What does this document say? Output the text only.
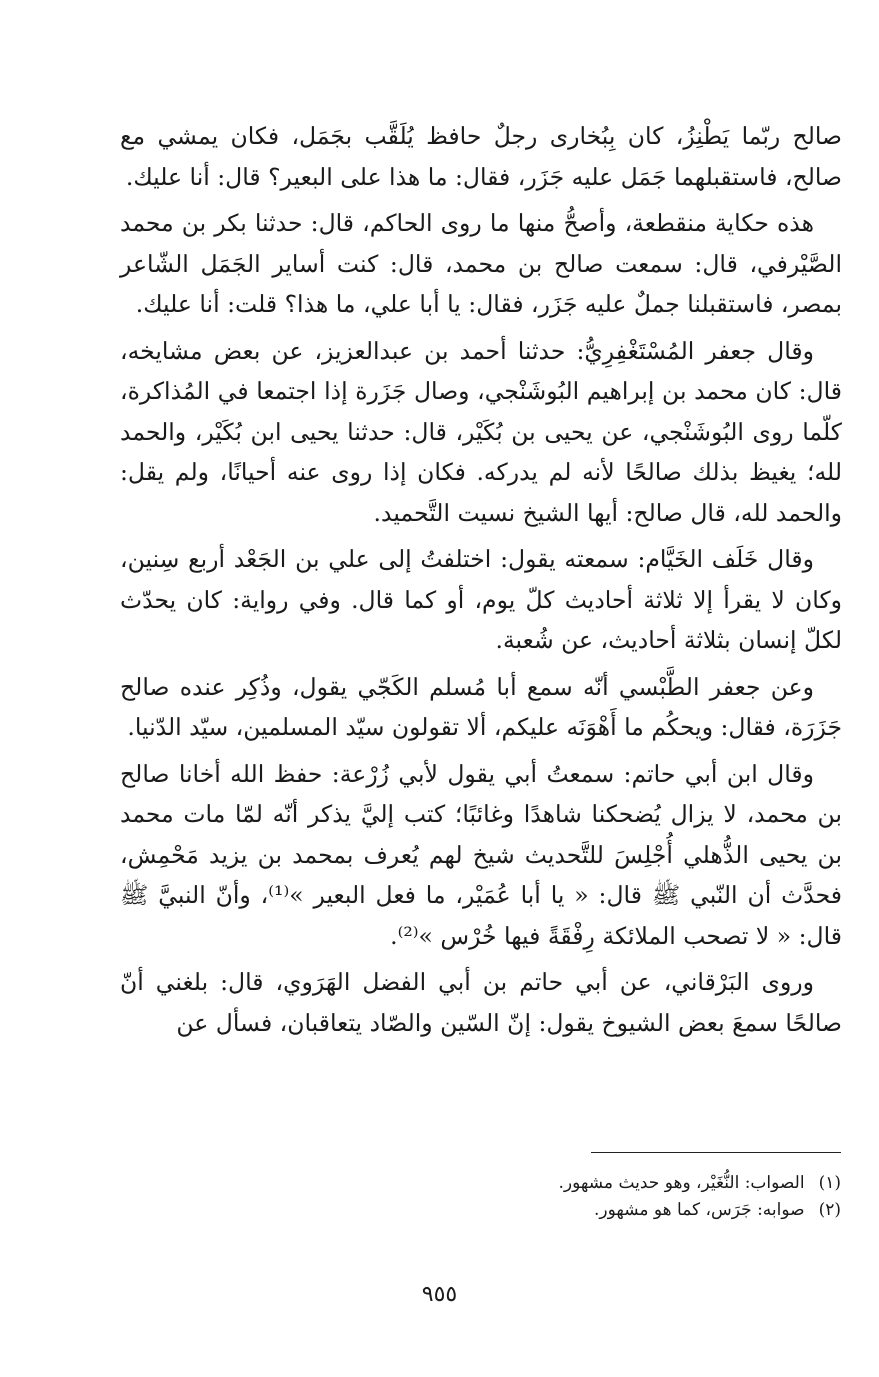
صالح ربّما يَطْنِزُ، كان بِبُخارى رجلٌ حافظ يُلَقَّب بجَمَل، فكان يمشي مع صالح، فاستقبلهما جَمَل عليه جَزَر، فقال: ما هذا على البعير؟ قال: أنا عليك.

هذه حكاية منقطعة، وأصحُّ منها ما روى الحاكم، قال: حدثنا بكر بن محمد الصَّيْرفي، قال: سمعت صالح بن محمد، قال: كنت أساير الجَمَل الشّاعر بمصر، فاستقبلنا جملٌ عليه جَزَر، فقال: يا أبا علي، ما هذا؟ قلت: أنا عليك.

وقال جعفر المُسْتَغْفِرِيُّ: حدثنا أحمد بن عبدالعزيز، عن بعض مشايخه، قال: كان محمد بن إبراهيم البُوشَنْجي، وصال جَزَرة إذا اجتمعا في المُذاكرة، كلّما روى البُوشَنْجي، عن يحيى بن بُكَيْر، قال: حدثنا يحيى ابن بُكَيْر، والحمد لله؛ يغيظ بذلك صالحًا لأنه لم يدركه. فكان إذا روى عنه أحيانًا، ولم يقل: والحمد لله، قال صالح: أيها الشيخ نسيت التَّحميد.

وقال خَلَف الخَيَّام: سمعته يقول: اختلفتُ إلى علي بن الجَعْد أربع سِنين، وكان لا يقرأ إلا ثلاثة أحاديث كلّ يوم، أو كما قال. وفي رواية: كان يحدّث لكلّ إنسان بثلاثة أحاديث، عن شُعبة.

وعن جعفر الطَّبْسي أنّه سمع أبا مُسلم الكَجّي يقول، وذُكِر عنده صالح جَزَرَة، فقال: ويحكُم ما أَهْوَنَه عليكم، ألا تقولون سيّد المسلمين، سيّد الدّنيا.

وقال ابن أبي حاتم: سمعتُ أبي يقول لأبي زُرْعة: حفظ الله أخانا صالح بن محمد، لا يزال يُضحكنا شاهدًا وغائبًا؛ كتب إليَّ يذكر أنّه لمّا مات محمد بن يحيى الذُّهلي أُجْلِسَ للتَّحديث شيخ لهم يُعرف بمحمد بن يزيد مَحْمِش، فحدَّث أن النّبي ﷺ قال: « يا أبا عُمَيْر، ما فعل البعير »⁽¹⁾، وأنّ النبيَّ ﷺ قال: « لا تصحب الملائكة رِفْقَةً فيها خُرْس »⁽²⁾.

وروى البَرْقاني، عن أبي حاتم بن أبي الفضل الهَرَوي، قال: بلغني أنّ صالحًا سمعَ بعض الشيوخ يقول: إنّ السّين والصّاد يتعاقبان، فسأل عن

(١)الصواب: النُّغَيْر، وهو حديث مشهور.

(٢)صوابه: جَرَس، كما هو مشهور.

٩٥٥
